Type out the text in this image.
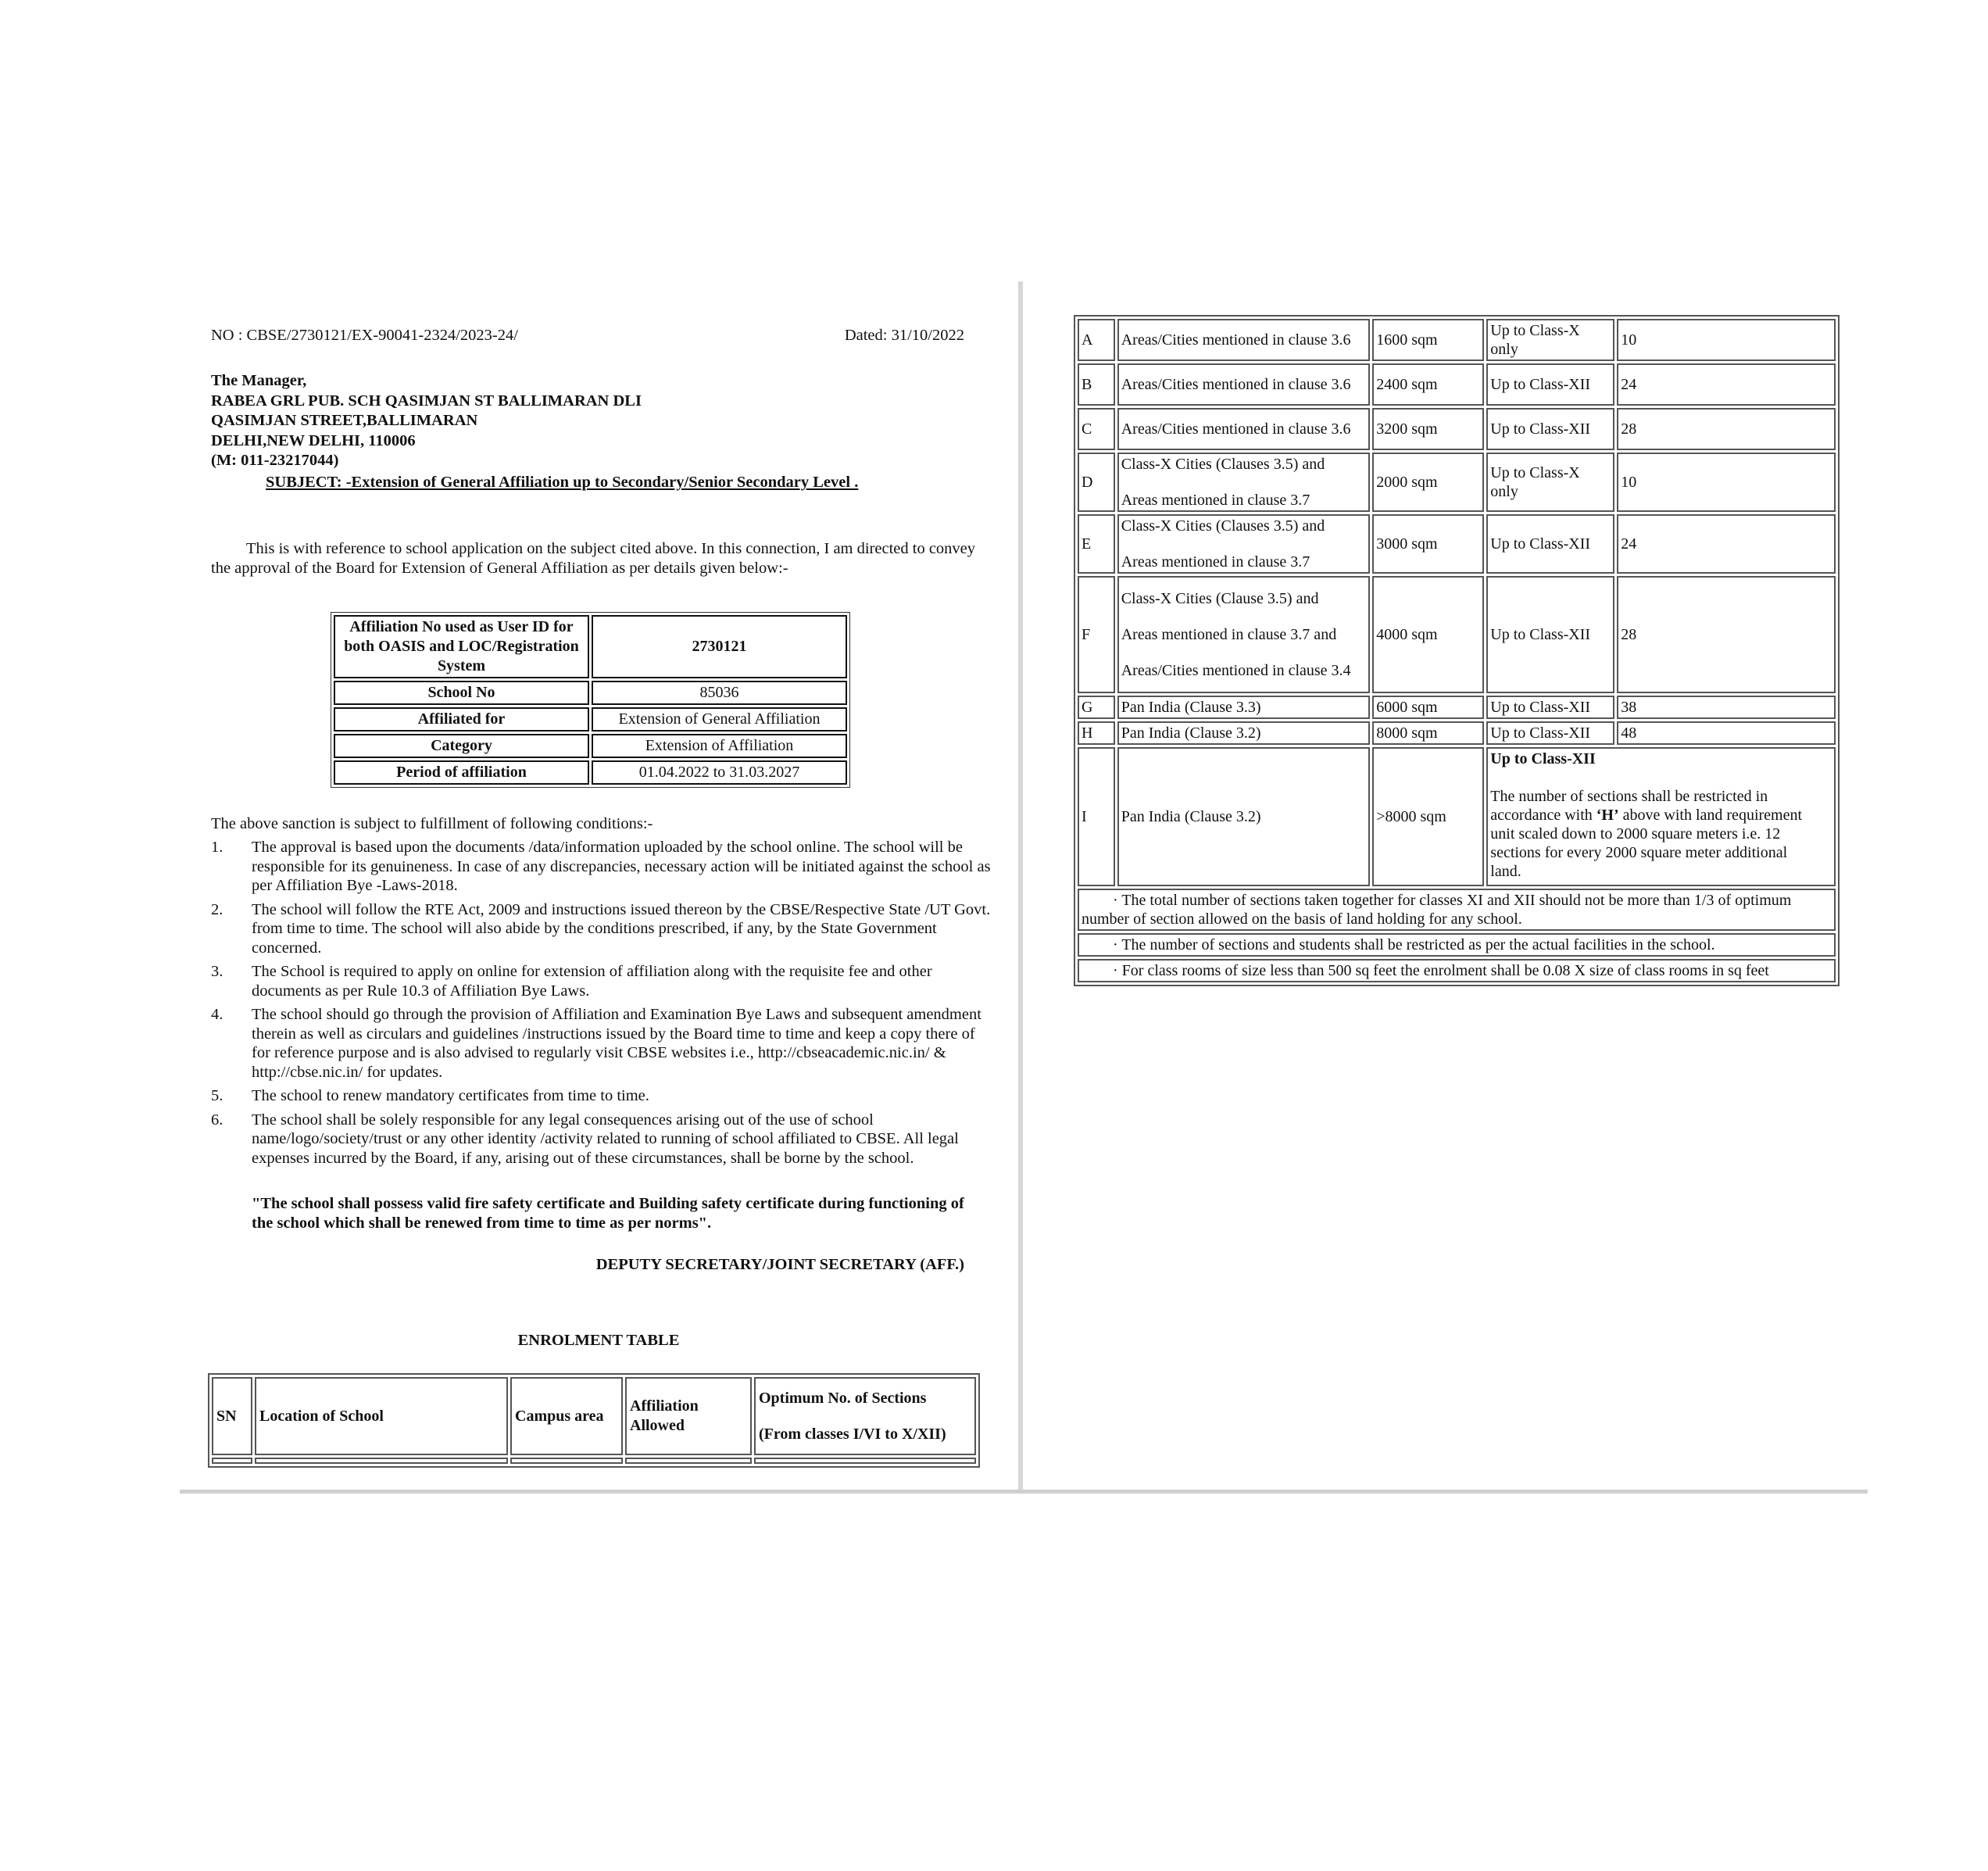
NO : CBSE/2730121/EX-90041-2324/2023-24/	Dated: 31/10/2022
The Manager,
RABEA GRL PUB. SCH QASIMJAN ST BALLIMARAN DLI
QASIMJAN STREET,BALLIMARAN
DELHI,NEW DELHI, 110006
(M: 011-23217044)
SUBJECT: -Extension of General Affiliation up to Secondary/Senior Secondary Level .
This is with reference to school application on the subject cited above. In this connection, I am directed to convey the approval of the Board for Extension of General Affiliation as per details given below:-
Affiliation No used as User ID for both OASIS and LOC/Registration System	2730121
School No	85036
Affiliated for	Extension of General Affiliation
Category	Extension of Affiliation
Period of affiliation	01.04.2022 to 31.03.2027
The above sanction is subject to fulfillment of following conditions:-
1. The approval is based upon the documents /data/information uploaded by the school online. The school will be responsible for its genuineness. In case of any discrepancies, necessary action will be initiated against the school as per Affiliation Bye -Laws-2018.
2. The school will follow the RTE Act, 2009 and instructions issued thereon by the CBSE/Respective State /UT Govt. from time to time. The school will also abide by the conditions prescribed, if any, by the State Government concerned.
3. The School is required to apply on online for extension of affiliation along with the requisite fee and other documents as per Rule 10.3 of Affiliation Bye Laws.
4. The school should go through the provision of Affiliation and Examination Bye Laws and subsequent amendment therein as well as circulars and guidelines /instructions issued by the Board time to time and keep a copy there of for reference purpose and is also advised to regularly visit CBSE websites i.e., http://cbseacademic.nic.in/ & http://cbse.nic.in/ for updates.
5. The school to renew mandatory certificates from time to time.
6. The school shall be solely responsible for any legal consequences arising out of the use of school name/logo/society/trust or any other identity /activity related to running of school affiliated to CBSE. All legal expenses incurred by the Board, if any, arising out of these circumstances, shall be borne by the school.
"The school shall possess valid fire safety certificate and Building safety certificate during functioning of the school which shall be renewed from time to time as per norms".
DEPUTY SECRETARY/JOINT SECRETARY (AFF.)
ENROLMENT TABLE
SN	Location of School	Campus area	Affiliation Allowed	Optimum No. of Sections
(From classes I/VI to X/XII)

A	Areas/Cities mentioned in clause 3.6	1600 sqm	Up to Class-X only	10
B	Areas/Cities mentioned in clause 3.6	2400 sqm	Up to Class-XII	24
C	Areas/Cities mentioned in clause 3.6	3200 sqm	Up to Class-XII	28
D	Class-X Cities (Clauses 3.5) and
Areas mentioned in clause 3.7	2000 sqm	Up to Class-X only	10
E	Class-X Cities (Clauses 3.5) and
Areas mentioned in clause 3.7	3000 sqm	Up to Class-XII	24
F	Class-X Cities (Clause 3.5) and
Areas mentioned in clause 3.7 and
Areas/Cities mentioned in clause 3.4	4000 sqm	Up to Class-XII	28
G	Pan India (Clause 3.3)	6000 sqm	Up to Class-XII	38
H	Pan India (Clause 3.2)	8000 sqm	Up to Class-XII	48
I	Pan India (Clause 3.2)	>8000 sqm	Up to Class-XII
The number of sections shall be restricted in accordance with ‘H’ above with land requirement unit scaled down to 2000 square meters i.e. 12 sections for every 2000 square meter additional land.	

· The total number of sections taken together for classes XI and XII should not be more than 1/3 of optimum number of section allowed on the basis of land holding for any school.				
· The number of sections and students shall be restricted as per the actual facilities in the school.				
· For class rooms of size less than 500 sq feet the enrolment shall be 0.08 X size of class rooms in sq feet				
